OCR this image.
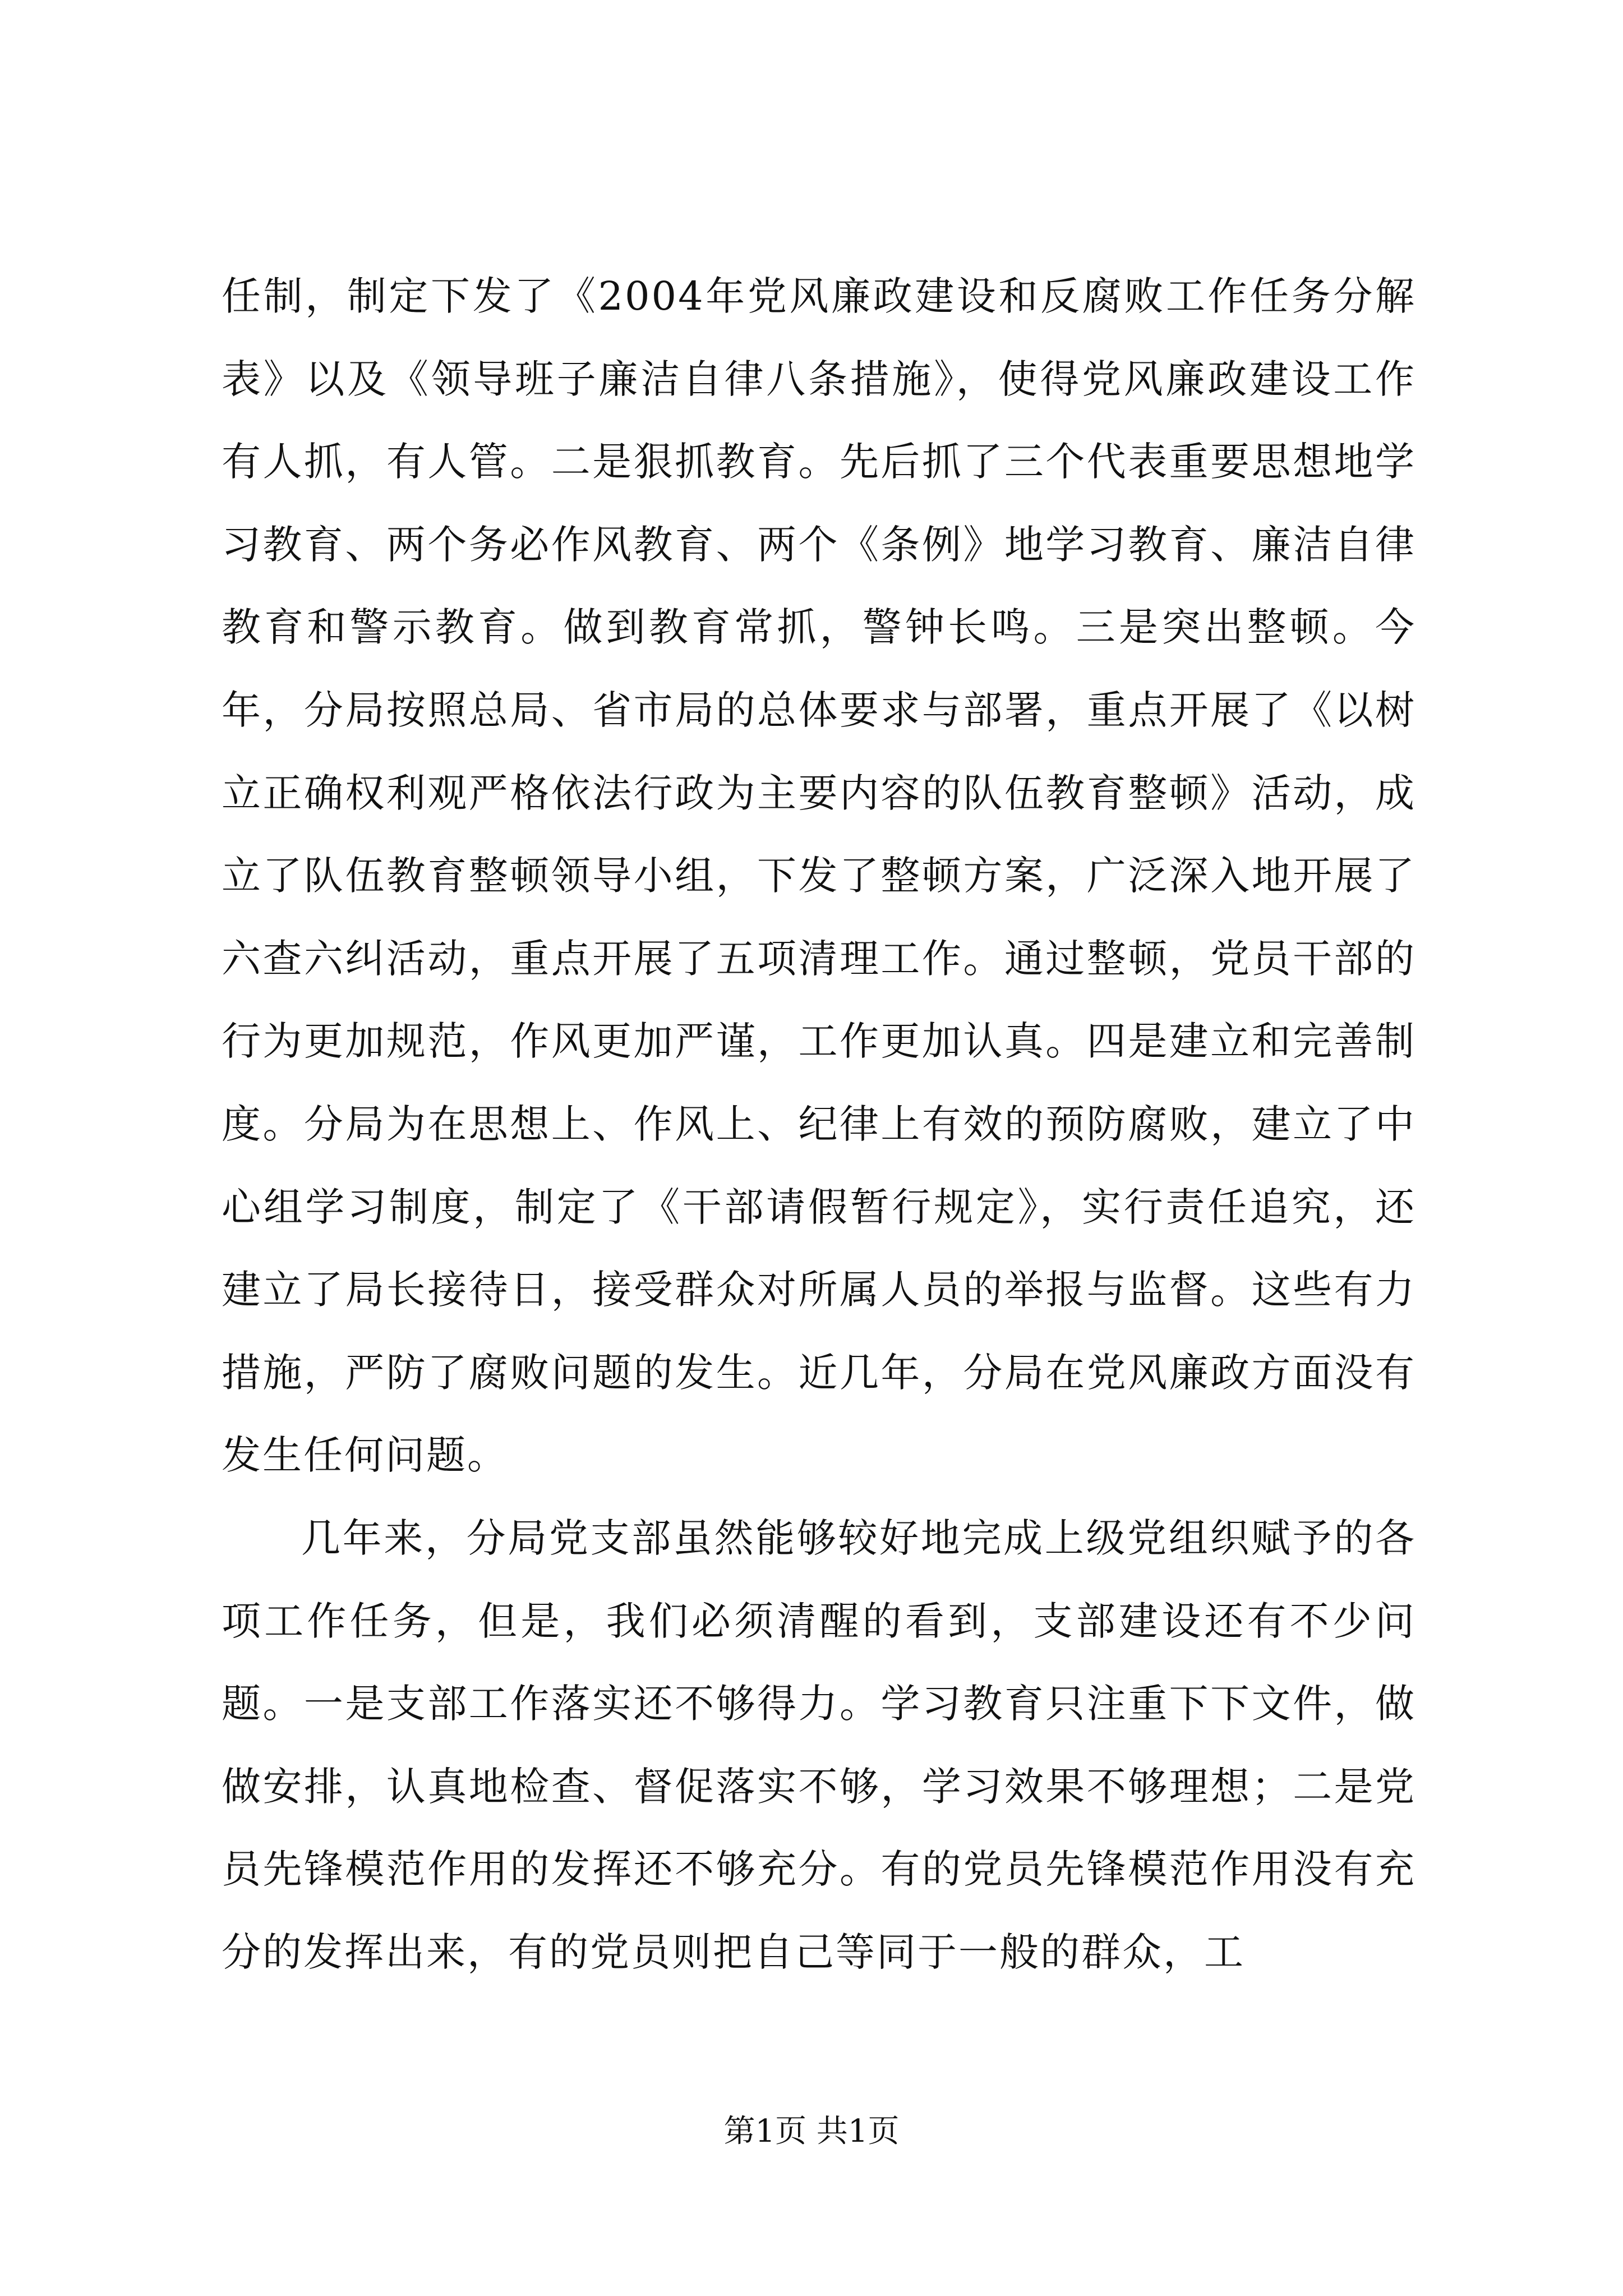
任制，制定下发了《2004年党风廉政建设和反腐败工作任务分解表》以及《领导班子廉洁自律八条措施》，使得党风廉政建设工作有人抓，有人管。二是狠抓教育。先后抓了三个代表重要思想地学习教育、两个务必作风教育、两个《条例》地学习教育、廉洁自律教育和警示教育。做到教育常抓，警钟长鸣。三是突出整顿。今年，分局按照总局、省市局的总体要求与部署，重点开展了《以树立正确权利观严格依法行政为主要内容的队伍教育整顿》活动，成立了队伍教育整顿领导小组，下发了整顿方案，广泛深入地开展了六查六纠活动，重点开展了五项清理工作。通过整顿，党员干部的行为更加规范，作风更加严谨，工作更加认真。四是建立和完善制度。分局为在思想上、作风上、纪律上有效的预防腐败，建立了中心组学习制度，制定了《干部请假暂行规定》，实行责任追究，还建立了局长接待日，接受群众对所属人员的举报与监督。这些有力措施，严防了腐败问题的发生。近几年，分局在党风廉政方面没有发生任何问题。

几年来，分局党支部虽然能够较好地完成上级党组织赋予的各项工作任务，但是，我们必须清醒的看到，支部建设还有不少问题。一是支部工作落实还不够得力。学习教育只注重下下文件，做做安排，认真地检查、督促落实不够，学习效果不够理想；二是党员先锋模范作用的发挥还不够充分。有的党员先锋模范作用没有充分的发挥出来，有的党员则把自己等同于一般的群众，工

第1页 共1页
